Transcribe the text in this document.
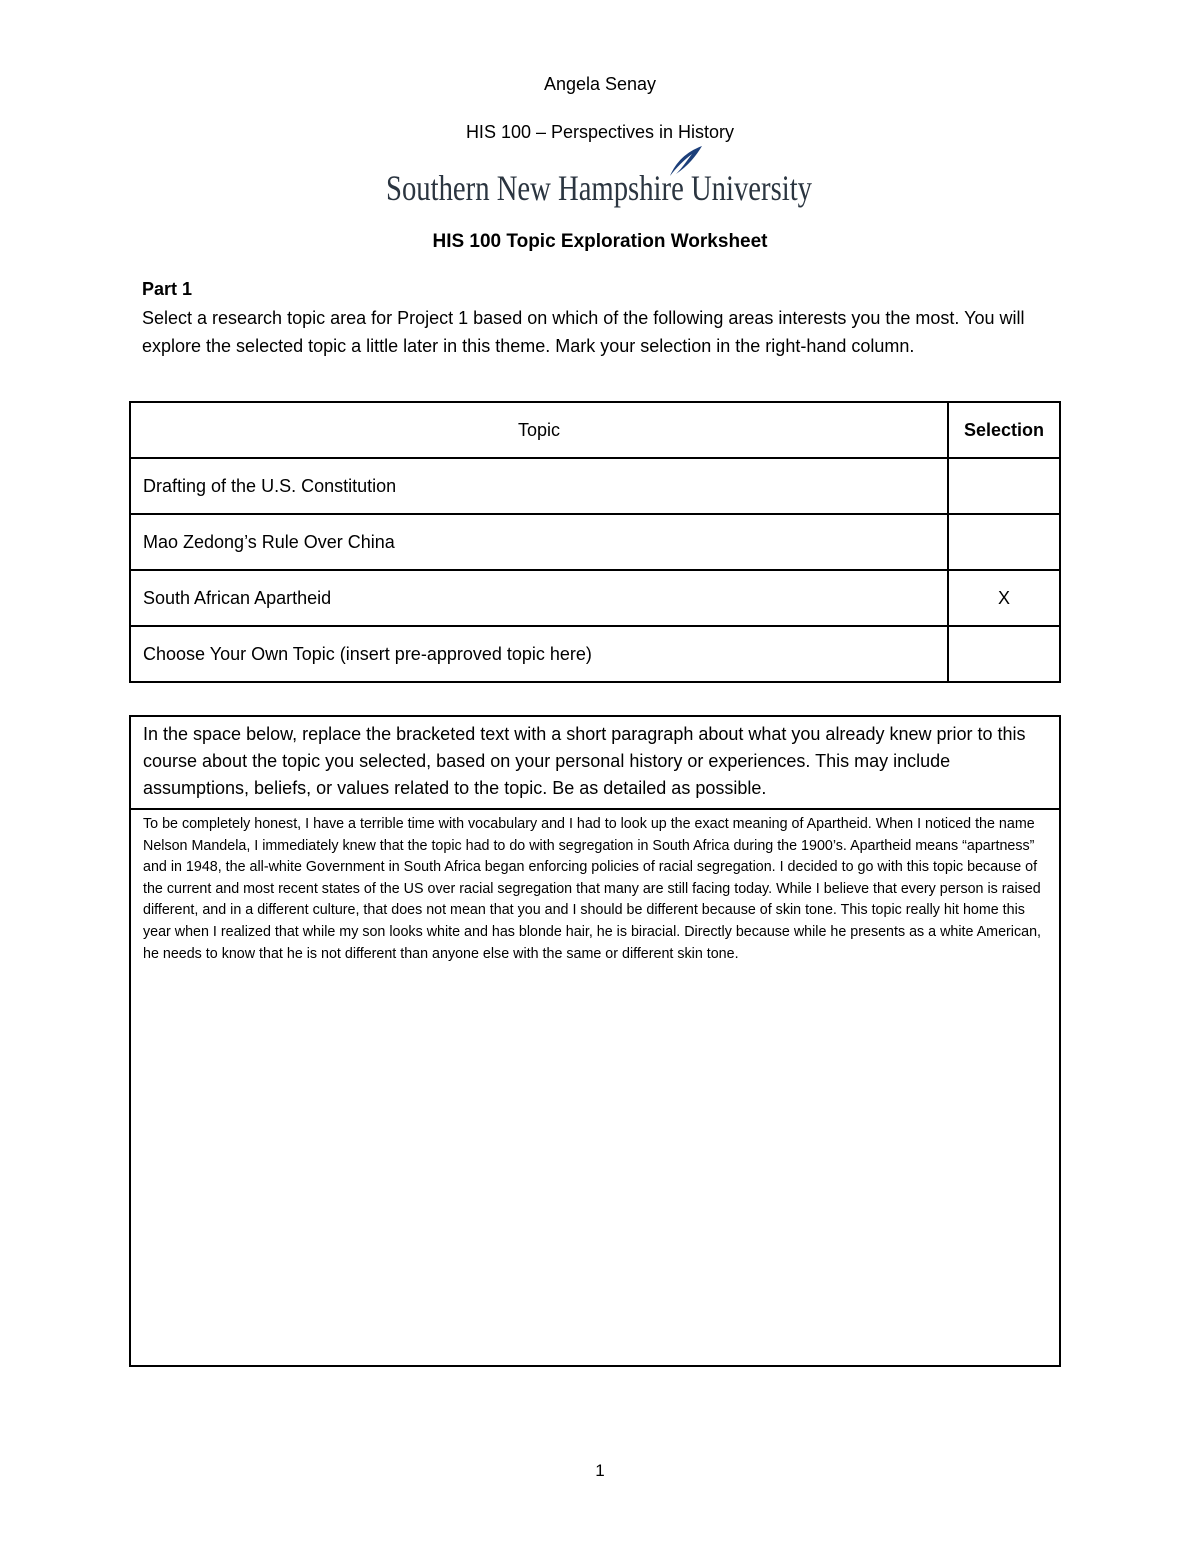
Angela Senay
HIS 100 – Perspectives in History
Southern New Hampshire University
HIS 100 Topic Exploration Worksheet
Part 1
Select a research topic area for Project 1 based on which of the following areas interests you the most. You will explore the selected topic a little later in this theme. Mark your selection in the right-hand column.
Topic	Selection
Drafting of the U.S. Constitution	
Mao Zedong’s Rule Over China	
South African Apartheid	X
Choose Your Own Topic (insert pre-approved topic here)	
In the space below, replace the bracketed text with a short paragraph about what you already knew prior to this course about the topic you selected, based on your personal history or experiences. This may include assumptions, beliefs, or values related to the topic. Be as detailed as possible.
To be completely honest, I have a terrible time with vocabulary and I had to look up the exact meaning of Apartheid. When I noticed the name Nelson Mandela, I immediately knew that the topic had to do with segregation in South Africa during the 1900’s. Apartheid means “apartness” and in 1948, the all-white Government in South Africa began enforcing policies of racial segregation. I decided to go with this topic because of the current and most recent states of the US over racial segregation that many are still facing today. While I believe that every person is raised different, and in a different culture, that does not mean that you and I should be different because of skin tone. This topic really hit home this year when I realized that while my son looks white and has blonde hair, he is biracial. Directly because while he presents as a white American, he needs to know that he is not different than anyone else with the same or different skin tone.
1
